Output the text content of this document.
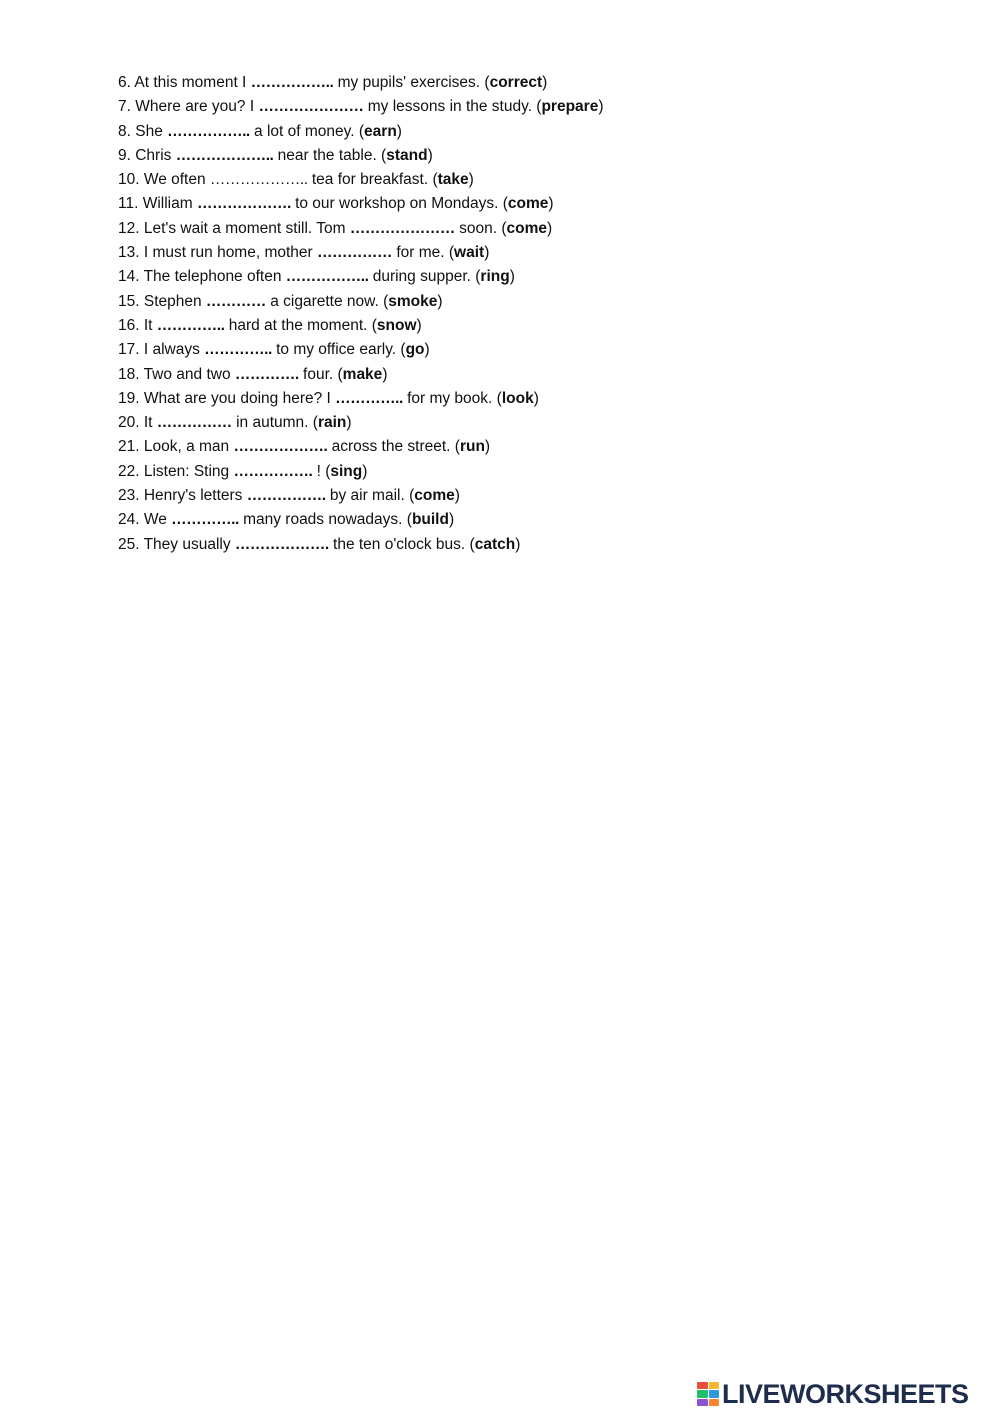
6. At this moment I …………….. my pupils' exercises. (correct)
7. Where are you? I ………………… my lessons in the study. (prepare)
8. She …………….. a lot of money. (earn)
9. Chris ……………….. near the table. (stand)
10. We often ……………….. tea for breakfast. (take)
11. William ………………. to our workshop on Mondays. (come)
12. Let's wait a moment still. Tom ………………… soon. (come)
13. I must run home, mother …………… for me. (wait)
14. The telephone often …………….. during supper. (ring)
15. Stephen ………… a cigarette now. (smoke)
16. It ………….. hard at the moment. (snow)
17. I always ………….. to my office early. (go)
18. Two and two …………. four. (make)
19. What are you doing here? I ………….. for my book. (look)
20. It …………… in autumn. (rain)
21. Look, a man ………………. across the street. (run)
22. Listen: Sting ……………. ! (sing)
23. Henry's letters ……………. by air mail. (come)
24. We ………….. many roads nowadays. (build)
25. They usually ………………. the ten o'clock bus. (catch)
LIVEWORKSHEETS
